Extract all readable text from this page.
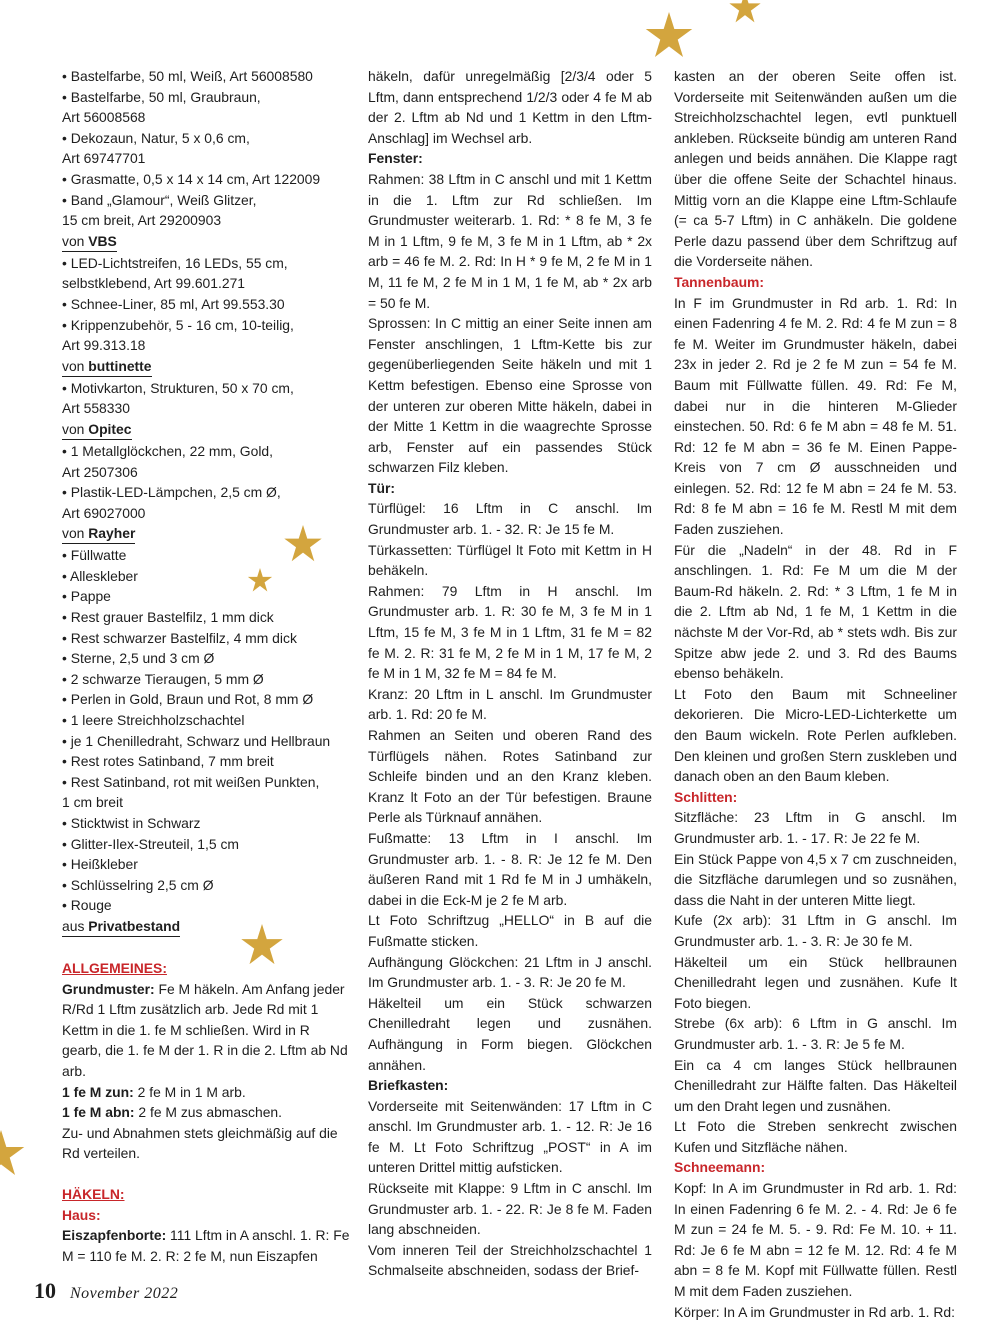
• Bastelfarbe, 50 ml, Weiß, Art 56008580

• Bastelfarbe, 50 ml, Graubraun,

Art 56008568

• Dekozaun, Natur, 5 x 0,6 cm,

Art 69747701

• Grasmatte, 0,5 x 14 x 14 cm, Art 122009

• Band „Glamour“, Weiß Glitzer,

15 cm breit, Art 29200903

von VBS

• LED-Lichtstreifen, 16 LEDs, 55 cm,

selbstklebend, Art 99.601.271

• Schnee-Liner, 85 ml, Art 99.553.30

• Krippenzubehör, 5 - 16 cm, 10-teilig,

Art 99.313.18

von buttinette

• Motivkarton, Strukturen, 50 x 70 cm,

Art 558330

von Opitec

• 1 Metallglöckchen, 22 mm, Gold,

Art 2507306

• Plastik-LED-Lämpchen, 2,5 cm Ø,

Art 69027000

von Rayher

• Füllwatte

• Alleskleber

• Pappe

• Rest grauer Bastelfilz, 1 mm dick

• Rest schwarzer Bastelfilz, 4 mm dick

• Sterne, 2,5 und 3 cm Ø

• 2 schwarze Tieraugen, 5 mm Ø

• Perlen in Gold, Braun und Rot, 8 mm Ø

• 1 leere Streichholzschachtel

• je 1 Chenilledraht, Schwarz und Hellbraun

• Rest rotes Satinband, 7 mm breit

• Rest Satinband, rot mit weißen Punkten,

1 cm breit

• Sticktwist in Schwarz

• Glitter-Ilex-Streuteil, 1,5 cm

• Heißkleber

• Schlüsselring 2,5 cm Ø

• Rouge

aus Privatbestand

ALLGEMEINES:

Grundmuster: Fe M häkeln. Am Anfang jeder R/Rd 1 Lftm zusätzlich arb. Jede Rd mit 1 Kettm in die 1. fe M schließen. Wird in R gearb, die 1. fe M der 1. R in die 2. Lftm ab Nd arb.

1 fe M zun: 2 fe M in 1 M arb.

1 fe M abn: 2 fe M zus abmaschen.

Zu- und Abnahmen stets gleichmäßig auf die Rd verteilen.

HÄKELN:

Haus:

Eiszapfenborte: 111 Lftm in A anschl. 1. R: Fe M = 110 fe M. 2. R: 2 fe M, nun Eiszapfen

häkeln, dafür unregelmäßig [2/3/4 oder 5 Lftm, dann entsprechend 1/2/3 oder 4 fe M ab der 2. Lftm ab Nd und 1 Kettm in den Lftm-Anschlag] im Wechsel arb.

Fenster:

Rahmen: 38 Lftm in C anschl und mit 1 Kettm in die 1. Lftm zur Rd schließen. Im Grundmuster weiterarb. 1. Rd: * 8 fe M, 3 fe M in 1 Lftm, 9 fe M, 3 fe M in 1 Lftm, ab * 2x arb = 46 fe M. 2. Rd: In H * 9 fe M, 2 fe M in 1 M, 11 fe M, 2 fe M in 1 M, 1 fe M, ab * 2x arb = 50 fe M.

Sprossen: In C mittig an einer Seite innen am Fenster anschlingen, 1 Lftm-Kette bis zur gegenüberliegenden Seite häkeln und mit 1 Kettm befestigen. Ebenso eine Sprosse von der unteren zur oberen Mitte häkeln, dabei in der Mitte 1 Kettm in die waagrechte Sprosse arb, Fenster auf ein passendes Stück schwarzen Filz kleben.

Tür:

Türflügel: 16 Lftm in C anschl. Im Grundmuster arb. 1. - 32. R: Je 15 fe M.

Türkassetten: Türflügel lt Foto mit Kettm in H behäkeln.

Rahmen: 79 Lftm in H anschl. Im Grundmuster arb. 1. R: 30 fe M, 3 fe M in 1 Lftm, 15 fe M, 3 fe M in 1 Lftm, 31 fe M = 82 fe M. 2. R: 31 fe M, 2 fe M in 1 M, 17 fe M, 2 fe M in 1 M, 32 fe M = 84 fe M.

Kranz: 20 Lftm in L anschl. Im Grundmuster arb. 1. Rd: 20 fe M.

Rahmen an Seiten und oberen Rand des Türflügels nähen. Rotes Satinband zur Schleife binden und an den Kranz kleben. Kranz lt Foto an der Tür befestigen. Braune Perle als Türknauf annähen.

Fußmatte: 13 Lftm in I anschl. Im Grundmuster arb. 1. - 8. R: Je 12 fe M. Den äußeren Rand mit 1 Rd fe M in J umhäkeln, dabei in die Eck-M je 2 fe M arb.

Lt Foto Schriftzug „HELLO“ in B auf die Fußmatte sticken.

Aufhängung Glöckchen: 21 Lftm in J anschl. Im Grundmuster arb. 1. - 3. R: Je 20 fe M.

Häkelteil um ein Stück schwarzen Chenilledraht legen und zusnähen. Aufhängung in Form biegen. Glöckchen annähen.

Briefkasten:

Vorderseite mit Seitenwänden: 17 Lftm in C anschl. Im Grundmuster arb. 1. - 12. R: Je 16 fe M. Lt Foto Schriftzug „POST“ in A im unteren Drittel mittig aufsticken.

Rückseite mit Klappe: 9 Lftm in C anschl. Im Grundmuster arb. 1. - 22. R: Je 8 fe M. Faden lang abschneiden.

Vom inneren Teil der Streichholzschachtel 1 Schmalseite abschneiden, sodass der Brief-

kasten an der oberen Seite offen ist. Vorderseite mit Seitenwänden außen um die Streichholzschachtel legen, evtl punktuell ankleben. Rückseite bündig am unteren Rand anlegen und beids annähen. Die Klappe ragt über die offene Seite der Schachtel hinaus. Mittig vorn an die Klappe eine Lftm-Schlaufe (= ca 5-7 Lftm) in C anhäkeln. Die goldene Perle dazu passend über dem Schriftzug auf die Vorderseite nähen.

Tannenbaum:

In F im Grundmuster in Rd arb. 1. Rd: In einen Fadenring 4 fe M. 2. Rd: 4 fe M zun = 8 fe M. Weiter im Grundmuster häkeln, dabei 23x in jeder 2. Rd je 2 fe M zun = 54 fe M. Baum mit Füllwatte füllen. 49. Rd: Fe M, dabei nur in die hinteren M-Glieder einstechen. 50. Rd: 6 fe M abn = 48 fe M. 51. Rd: 12 fe M abn = 36 fe M. Einen Pappe-Kreis von 7 cm Ø ausschneiden und einlegen. 52. Rd: 12 fe M abn = 24 fe M. 53. Rd: 8 fe M abn = 16 fe M. Restl M mit dem Faden zusziehen.

Für die „Nadeln“ in der 48. Rd in F anschlingen. 1. Rd: Fe M um die M der Baum-Rd häkeln. 2. Rd: * 3 Lftm, 1 fe M in die 2. Lftm ab Nd, 1 fe M, 1 Kettm in die nächste M der Vor-Rd, ab * stets wdh. Bis zur Spitze abw jede 2. und 3. Rd des Baums ebenso behäkeln.

Lt Foto den Baum mit Schneeliner dekorieren. Die Micro-LED-Lichterkette um den Baum wickeln. Rote Perlen aufkleben. Den kleinen und großen Stern zuskleben und danach oben an den Baum kleben.

Schlitten:

Sitzfläche: 23 Lftm in G anschl. Im Grundmuster arb. 1. - 17. R: Je 22 fe M.

Ein Stück Pappe von 4,5 x 7 cm zuschneiden, die Sitzfläche darumlegen und so zusnähen, dass die Naht in der unteren Mitte liegt.

Kufe (2x arb): 31 Lftm in G anschl. Im Grundmuster arb. 1. - 3. R: Je 30 fe M.

Häkelteil um ein Stück hellbraunen Chenilledraht legen und zusnähen. Kufe lt Foto biegen.

Strebe (6x arb): 6 Lftm in G anschl. Im Grundmuster arb. 1. - 3. R: Je 5 fe M.

Ein ca 4 cm langes Stück hellbraunen Chenilledraht zur Hälfte falten. Das Häkelteil um den Draht legen und zusnähen.

Lt Foto die Streben senkrecht zwischen Kufen und Sitzfläche nähen.

Schneemann:

Kopf: In A im Grundmuster in Rd arb. 1. Rd: In einen Fadenring 6 fe M. 2. - 4. Rd: Je 6 fe M zun = 24 fe M. 5. - 9. Rd: Fe M. 10. + 11. Rd: Je 6 fe M abn = 12 fe M. 12. Rd: 4 fe M abn = 8 fe M. Kopf mit Füllwatte füllen. Restl M mit dem Faden zusziehen.

Körper: In A im Grundmuster in Rd arb. 1. Rd:

10 November 2022
